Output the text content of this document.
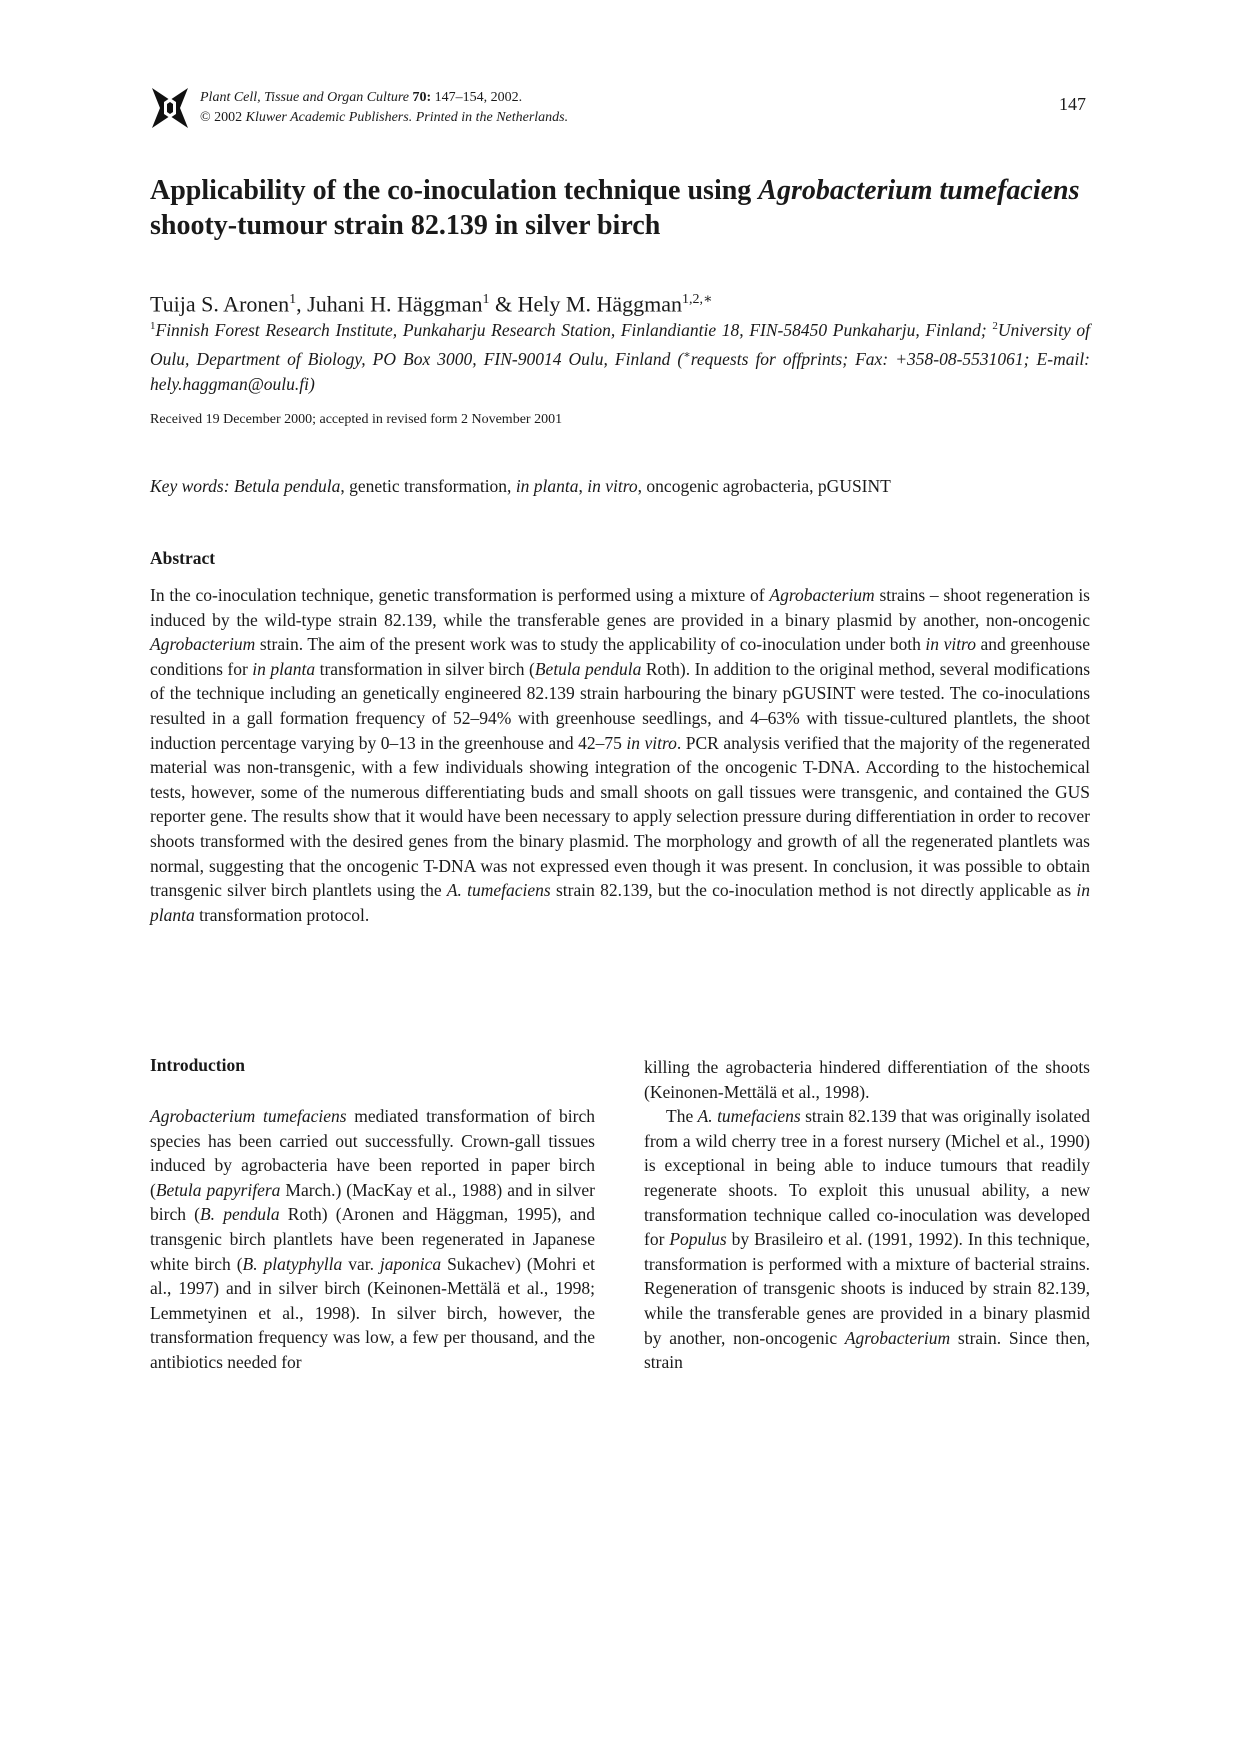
Plant Cell, Tissue and Organ Culture 70: 147–154, 2002.
© 2002 Kluwer Academic Publishers. Printed in the Netherlands.
147
Applicability of the co-inoculation technique using Agrobacterium tumefaciens shooty-tumour strain 82.139 in silver birch
Tuija S. Aronen$^1$, Juhani H. Häggman$^1$ & Hely M. Häggman$^{1,2,∗}$
$^1$Finnish Forest Research Institute, Punkaharju Research Station, Finlandiantie 18, FIN-58450 Punkaharju, Finland; $^2$University of Oulu, Department of Biology, PO Box 3000, FIN-90014 Oulu, Finland (∗requests for offprints; Fax: +358-08-5531061; E-mail: hely.haggman@oulu.fi)
Received 19 December 2000; accepted in revised form 2 November 2001
Key words: Betula pendula, genetic transformation, in planta, in vitro, oncogenic agrobacteria, pGUSINT
Abstract
In the co-inoculation technique, genetic transformation is performed using a mixture of Agrobacterium strains – shoot regeneration is induced by the wild-type strain 82.139, while the transferable genes are provided in a binary plasmid by another, non-oncogenic Agrobacterium strain. The aim of the present work was to study the applicability of co-inoculation under both in vitro and greenhouse conditions for in planta transformation in silver birch (Betula pendula Roth). In addition to the original method, several modifications of the technique including an genetically engineered 82.139 strain harbouring the binary pGUSINT were tested. The co-inoculations resulted in a gall formation frequency of 52–94% with greenhouse seedlings, and 4–63% with tissue-cultured plantlets, the shoot induction percentage varying by 0–13 in the greenhouse and 42–75 in vitro. PCR analysis verified that the majority of the regenerated material was non-transgenic, with a few individuals showing integration of the oncogenic T-DNA. According to the histochemical tests, however, some of the numerous differentiating buds and small shoots on gall tissues were transgenic, and contained the GUS reporter gene. The results show that it would have been necessary to apply selection pressure during differentiation in order to recover shoots transformed with the desired genes from the binary plasmid. The morphology and growth of all the regenerated plantlets was normal, suggesting that the oncogenic T-DNA was not expressed even though it was present. In conclusion, it was possible to obtain transgenic silver birch plantlets using the A. tumefaciens strain 82.139, but the co-inoculation method is not directly applicable as in planta transformation protocol.
Introduction
Agrobacterium tumefaciens mediated transformation of birch species has been carried out successfully. Crown-gall tissues induced by agrobacteria have been reported in paper birch (Betula papyrifera March.) (MacKay et al., 1988) and in silver birch (B. pendula Roth) (Aronen and Häggman, 1995), and transgenic birch plantlets have been regenerated in Japanese white birch (B. platyphylla var. japonica Sukachev) (Mohri et al., 1997) and in silver birch (Keinonen-Mettälä et al., 1998; Lemmetyinen et al., 1998). In silver birch, however, the transformation frequency was low, a few per thousand, and the antibiotics needed for

killing the agrobacteria hindered differentiation of the shoots (Keinonen-Mettälä et al., 1998).

The A. tumefaciens strain 82.139 that was originally isolated from a wild cherry tree in a forest nursery (Michel et al., 1990) is exceptional in being able to induce tumours that readily regenerate shoots. To exploit this unusual ability, a new transformation technique called co-inoculation was developed for Populus by Brasileiro et al. (1991, 1992). In this technique, transformation is performed with a mixture of bacterial strains. Regeneration of transgenic shoots is induced by strain 82.139, while the transferable genes are provided in a binary plasmid by another, non-oncogenic Agrobacterium strain. Since then, strain
